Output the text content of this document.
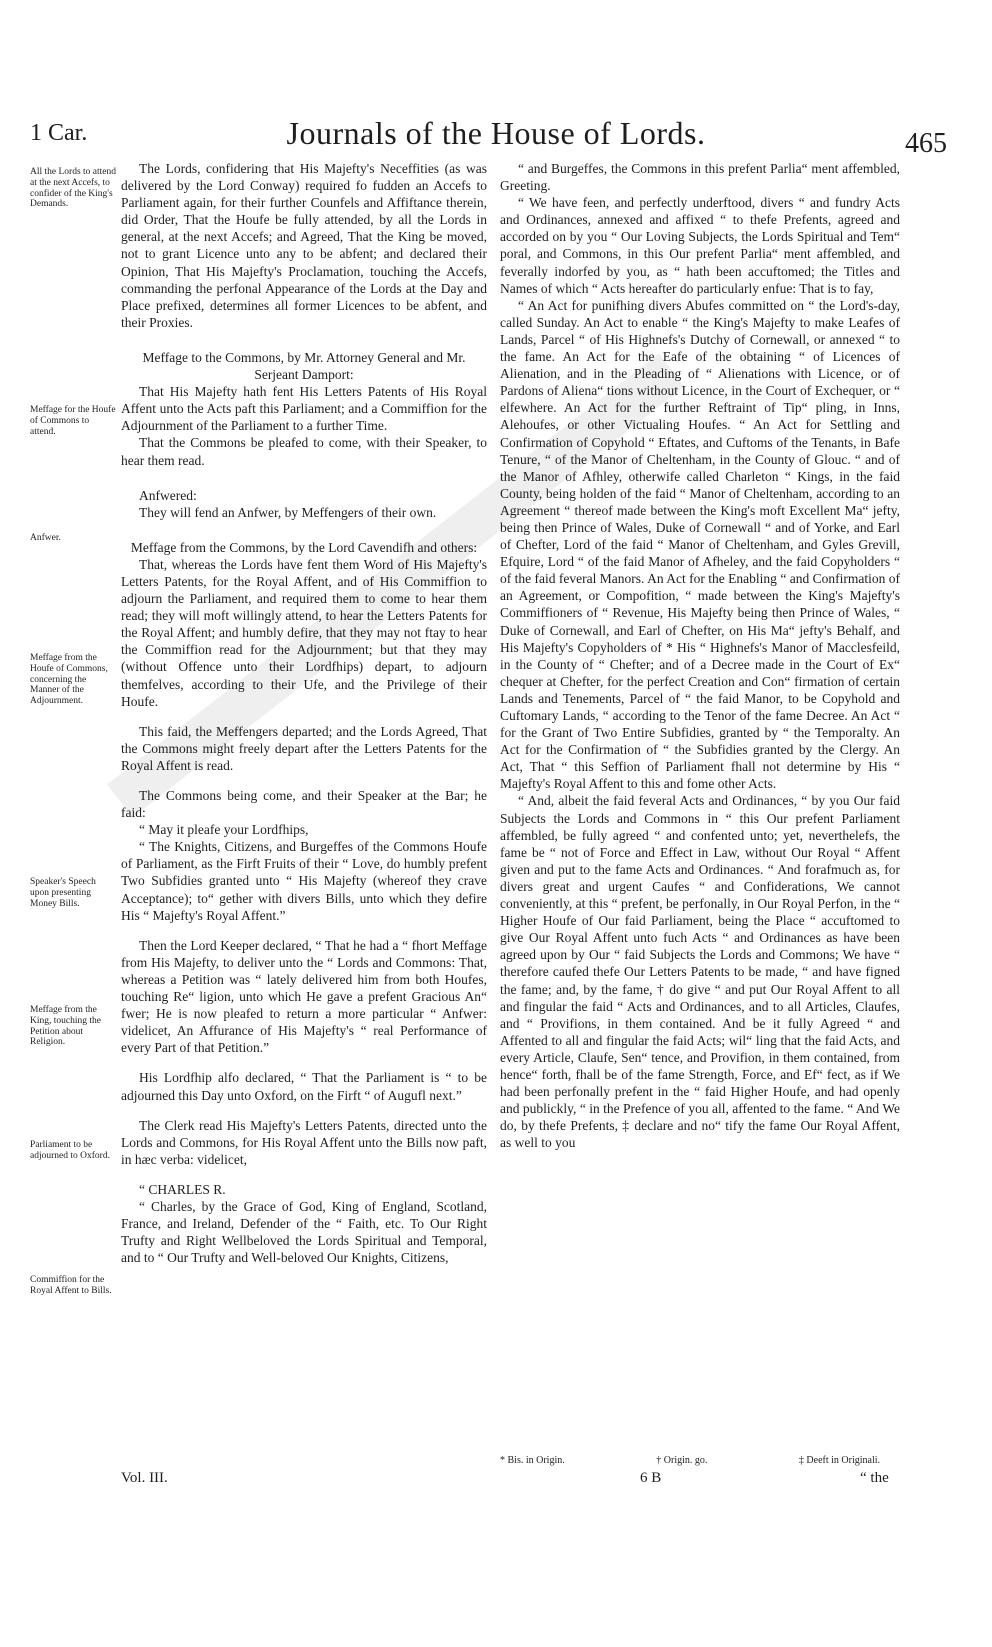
1 Car.	Journals of the House of Lords.	465
All the Lords to attend at the next Accefs, to confider of the King's Demands.
Meffage for the Houfe of Commons to attend.
Anfwer.
Meffage from the Houfe of Commons, concerning the Manner of the Adjournment.
Speaker's Speech upon presenting Money Bills.
Meffage from the King, touching the Petition about Religion.
Parliament to be adjourned to Oxford.
Commiffion for the Royal Affent to Bills.

The Lords, confidering that His Majefty's Neceffities (as was delivered by the Lord Conway) required fo fudden an Accefs to Parliament again, for their further Counfels and Affiftance therein, did Order, That the Houfe be fully attended, by all the Lords in general, at the next Accefs; and Agreed, That the King be moved, not to grant Licence unto any to be abfent; and declared their Opinion, That His Majefty's Proclamation, touching the Accefs, commanding the perfonal Appearance of the Lords at the Day and Place prefixed, determines all former Licences to be abfent, and their Proxies.

Meffage to the Commons, by Mr. Attorney General and Mr. Serjeant Damport:

That His Majefty hath fent His Letters Patents of His Royal Affent unto the Acts paft this Parliament; and a Commiffion for the Adjournment of the Parliament to a further Time.

That the Commons be pleafed to come, with their Speaker, to hear them read.

Anfwered:

They will fend an Anfwer, by Meffengers of their own.

Meffage from the Commons, by the Lord Cavendifh and others:

That, whereas the Lords have fent them Word of His Majefty's Letters Patents, for the Royal Affent, and of His Commiffion to adjourn the Parliament, and required them to come to hear them read; they will moft willingly attend, to hear the Letters Patents for the Royal Affent; and humbly defire, that they may not ftay to hear the Commiffion read for the Adjournment; but that they may (without Offence unto their Lordfhips) depart, to adjourn themfelves, according to their Ufe, and the Privilege of their Houfe.

This faid, the Meffengers departed; and the Lords Agreed, That the Commons might freely depart after the Letters Patents for the Royal Affent is read.

The Commons being come, and their Speaker at the Bar; he faid:

“ May it pleafe your Lordfhips,

“ The Knights, Citizens, and Burgeffes of the Commons Houfe of Parliament, as the Firft Fruits of their “ Love, do humbly prefent Two Subfidies granted unto “ His Majefty (whereof they crave Acceptance); to“ gether with divers Bills, unto which they defire His “ Majefty's Royal Affent.”

Then the Lord Keeper declared, “ That he had a “ fhort Meffage from His Majefty, to deliver unto the “ Lords and Commons: That, whereas a Petition was “ lately delivered him from both Houfes, touching Re“ ligion, unto which He gave a prefent Gracious An“ fwer; He is now pleafed to return a more particular “ Anfwer: videlicet, An Affurance of His Majefty's “ real Performance of every Part of that Petition.”

His Lordfhip alfo declared, “ That the Parliament is “ to be adjourned this Day unto Oxford, on the Firft “ of Augufl next.”

The Clerk read His Majefty's Letters Patents, directed unto the Lords and Commons, for His Royal Affent unto the Bills now paft, in hæc verba: videlicet,

“ CHARLES R.

“ Charles, by the Grace of God, King of England, Scotland, France, and Ireland, Defender of the “ Faith, etc. To Our Right Trufty and Right Wellbeloved the Lords Spiritual and Temporal, and to “ Our Trufty and Well-beloved Our Knights, Citizens,

“ and Burgeffes, the Commons in this prefent Parlia“ ment affembled, Greeting.

“ We have feen, and perfectly underftood, divers “ and fundry Acts and Ordinances, annexed and affixed “ to thefe Prefents, agreed and accorded on by you “ Our Loving Subjects, the Lords Spiritual and Tem“ poral, and Commons, in this Our prefent Parlia“ ment affembled, and feverally indorfed by you, as “ hath been accuftomed; the Titles and Names of which “ Acts hereafter do particularly enfue: That is to fay,

“ An Act for punifhing divers Abufes committed on “ the Lord's-day, called Sunday. An Act to enable “ the King's Majefty to make Leafes of Lands, Parcel “ of His Highnefs's Dutchy of Cornewall, or annexed “ to the fame. An Act for the Eafe of the obtaining “ of Licences of Alienation, and in the Pleading of “ Alienations with Licence, or of Pardons of Aliena“ tions without Licence, in the Court of Exchequer, or “ elfewhere. An Act for the further Reftraint of Tip“ pling, in Inns, Alehoufes, or other Victualing Houfes. “ An Act for Settling and Confirmation of Copyhold “ Eftates, and Cuftoms of the Tenants, in Bafe Tenure, “ of the Manor of Cheltenham, in the County of Glouc. “ and of the Manor of Afhley, otherwife called Charleton “ Kings, in the faid County, being holden of the faid “ Manor of Cheltenham, according to an Agreement “ thereof made between the King's moft Excellent Ma“ jefty, being then Prince of Wales, Duke of Cornewall “ and of Yorke, and Earl of Chefter, Lord of the faid “ Manor of Cheltenham, and Gyles Grevill, Efquire, Lord “ of the faid Manor of Afheley, and the faid Copyholders “ of the faid feveral Manors. An Act for the Enabling “ and Confirmation of an Agreement, or Compofition, “ made between the King's Majefty's Commiffioners of “ Revenue, His Majefty being then Prince of Wales, “ Duke of Cornewall, and Earl of Chefter, on His Ma“ jefty's Behalf, and His Majefty's Copyholders of * His “ Highnefs's Manor of Macclesfeild, in the County of “ Chefter; and of a Decree made in the Court of Ex“ chequer at Chefter, for the perfect Creation and Con“ firmation of certain Lands and Tenements, Parcel of “ the faid Manor, to be Copyhold and Cuftomary Lands, “ according to the Tenor of the fame Decree. An Act “ for the Grant of Two Entire Subfidies, granted by “ the Temporalty. An Act for the Confirmation of “ the Subfidies granted by the Clergy. An Act, That “ this Seffion of Parliament fhall not determine by His “ Majefty's Royal Affent to this and fome other Acts.

“ And, albeit the faid feveral Acts and Ordinances, “ by you Our faid Subjects the Lords and Commons in “ this Our prefent Parliament affembled, be fully agreed “ and confented unto; yet, neverthelefs, the fame be “ not of Force and Effect in Law, without Our Royal “ Affent given and put to the fame Acts and Ordinances. “ And forafmuch as, for divers great and urgent Caufes “ and Confiderations, We cannot conveniently, at this “ prefent, be perfonally, in Our Royal Perfon, in the “ Higher Houfe of Our faid Parliament, being the Place “ accuftomed to give Our Royal Affent unto fuch Acts “ and Ordinances as have been agreed upon by Our “ faid Subjects the Lords and Commons; We have “ therefore caufed thefe Our Letters Patents to be made, “ and have figned the fame; and, by the fame, † do give “ and put Our Royal Affent to all and fingular the faid “ Acts and Ordinances, and to all Articles, Claufes, and “ Provifions, in them contained. And be it fully Agreed “ and Affented to all and fingular the faid Acts; wil“ ling that the faid Acts, and every Article, Claufe, Sen“ tence, and Provifion, in them contained, from hence“ forth, fhall be of the fame Strength, Force, and Ef“ fect, as if We had been perfonally prefent in the “ faid Higher Houfe, and had openly and publickly, “ in the Prefence of you all, affented to the fame. “ And We do, by thefe Prefents, ‡ declare and no“ tify the fame Our Royal Affent, as well to you

* Bis. in Origin.	† Origin. go.	‡ Deeft in Originali.
Vol. III.	6 B	“ the
